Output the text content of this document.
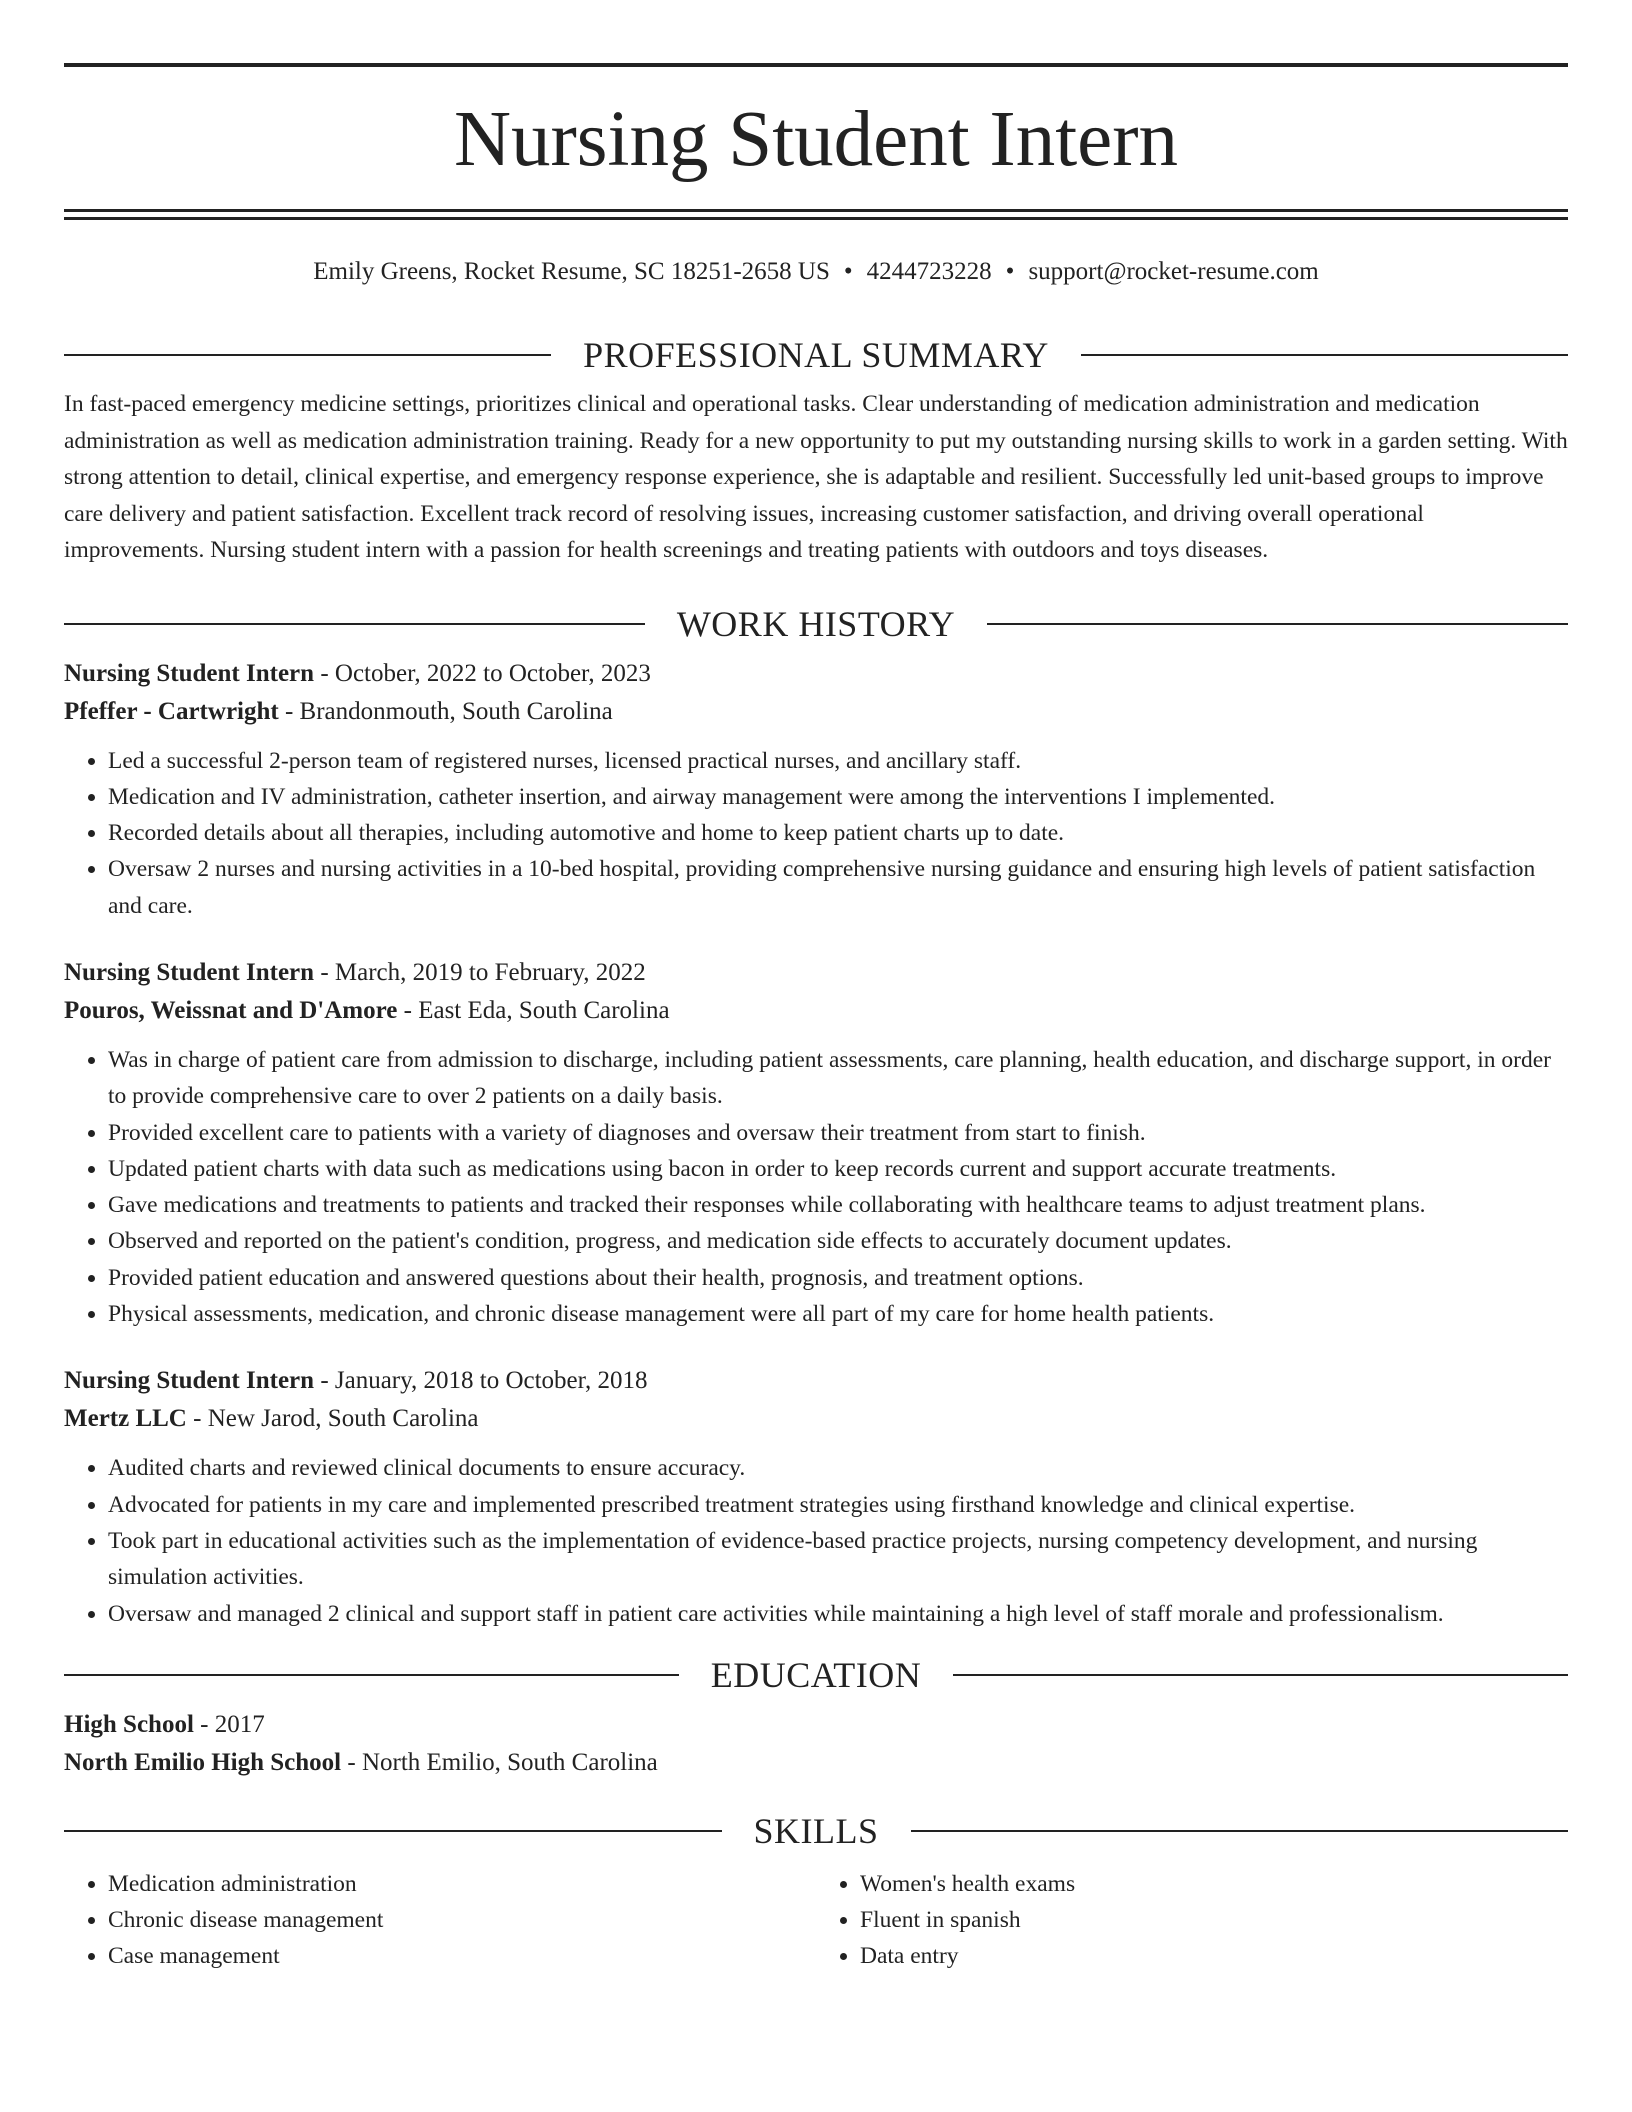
Nursing Student Intern
Emily Greens, Rocket Resume, SC 18251-2658 US • 4244723228 • support@rocket-resume.com
PROFESSIONAL SUMMARY
In fast-paced emergency medicine settings, prioritizes clinical and operational tasks. Clear understanding of medication administration and medication administration as well as medication administration training. Ready for a new opportunity to put my outstanding nursing skills to work in a garden setting. With strong attention to detail, clinical expertise, and emergency response experience, she is adaptable and resilient. Successfully led unit-based groups to improve care delivery and patient satisfaction. Excellent track record of resolving issues, increasing customer satisfaction, and driving overall operational improvements. Nursing student intern with a passion for health screenings and treating patients with outdoors and toys diseases.
WORK HISTORY
Nursing Student Intern - October, 2022 to October, 2023
Pfeffer - Cartwright - Brandonmouth, South Carolina
• Led a successful 2-person team of registered nurses, licensed practical nurses, and ancillary staff.
• Medication and IV administration, catheter insertion, and airway management were among the interventions I implemented.
• Recorded details about all therapies, including automotive and home to keep patient charts up to date.
• Oversaw 2 nurses and nursing activities in a 10-bed hospital, providing comprehensive nursing guidance and ensuring high levels of patient satisfaction and care.
Nursing Student Intern - March, 2019 to February, 2022
Pouros, Weissnat and D'Amore - East Eda, South Carolina
• Was in charge of patient care from admission to discharge, including patient assessments, care planning, health education, and discharge support, in order to provide comprehensive care to over 2 patients on a daily basis.
• Provided excellent care to patients with a variety of diagnoses and oversaw their treatment from start to finish.
• Updated patient charts with data such as medications using bacon in order to keep records current and support accurate treatments.
• Gave medications and treatments to patients and tracked their responses while collaborating with healthcare teams to adjust treatment plans.
• Observed and reported on the patient's condition, progress, and medication side effects to accurately document updates.
• Provided patient education and answered questions about their health, prognosis, and treatment options.
• Physical assessments, medication, and chronic disease management were all part of my care for home health patients.
Nursing Student Intern - January, 2018 to October, 2018
Mertz LLC - New Jarod, South Carolina
• Audited charts and reviewed clinical documents to ensure accuracy.
• Advocated for patients in my care and implemented prescribed treatment strategies using firsthand knowledge and clinical expertise.
• Took part in educational activities such as the implementation of evidence-based practice projects, nursing competency development, and nursing simulation activities.
• Oversaw and managed 2 clinical and support staff in patient care activities while maintaining a high level of staff morale and professionalism.
EDUCATION
High School - 2017
North Emilio High School - North Emilio, South Carolina
SKILLS
• Medication administration
• Chronic disease management
• Case management
• Women's health exams
• Fluent in spanish
• Data entry
